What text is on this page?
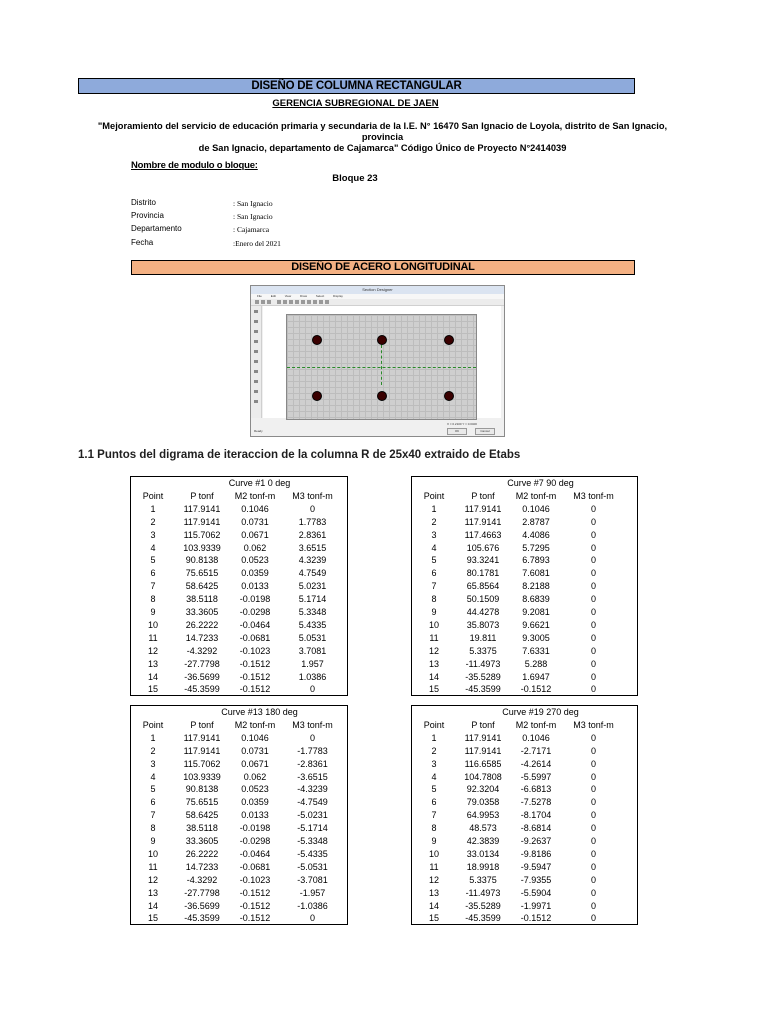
DISEÑO DE COLUMNA RECTANGULAR
GERENCIA SUBREGIONAL DE JAEN
"Mejoramiento del servicio de educación primaria y secundaria de la I.E. N° 16470 San Ignacio de Loyola, distrito de San Ignacio, provincia
de San Ignacio, departamento de Cajamarca" Código Único de Proyecto N°2414039
Nombre de modulo o bloque:
Bloque 23
Distrito	: San Ignacio
Provincia	: San Ignacio
Departamento	: Cajamarca
Fecha	:Enero del 2021
DISEÑO DE ACERO LONGITUDINAL
Section Designer
File	Edit	View	Draw	Select	Display
Ready
X = 0.2100 Y = 0.0400
OK	Cancel
1.1 Puntos del digrama de iteraccion de la columna R de 25x40 extraido de Etabs
	Curve #1 0 deg		
Point	P tonf	M2 tonf-m	M3 tonf-m
1	117.9141	0.1046	0
2	117.9141	0.0731	1.7783
3	115.7062	0.0671	2.8361
4	103.9339	0.062	3.6515
5	90.8138	0.0523	4.3239
6	75.6515	0.0359	4.7549
7	58.6425	0.0133	5.0231
8	38.5118	-0.0198	5.1714
9	33.3605	-0.0298	5.3348
10	26.2222	-0.0464	5.4335
11	14.7233	-0.0681	5.0531
12	-4.3292	-0.1023	3.7081
13	-27.7798	-0.1512	1.957
14	-36.5699	-0.1512	1.0386
15	-45.3599	-0.1512	0
	Curve #7 90 deg		
Point	P tonf	M2 tonf-m	M3 tonf-m
1	117.9141	0.1046	0
2	117.9141	2.8787	0
3	117.4663	4.4086	0
4	105.676	5.7295	0
5	93.3241	6.7893	0
6	80.1781	7.6081	0
7	65.8564	8.2188	0
8	50.1509	8.6839	0
9	44.4278	9.2081	0
10	35.8073	9.6621	0
11	19.811	9.3005	0
12	5.3375	7.6331	0
13	-11.4973	5.288	0
14	-35.5289	1.6947	0
15	-45.3599	-0.1512	0
	Curve #13 180 deg		
Point	P tonf	M2 tonf-m	M3 tonf-m
1	117.9141	0.1046	0
2	117.9141	0.0731	-1.7783
3	115.7062	0.0671	-2.8361
4	103.9339	0.062	-3.6515
5	90.8138	0.0523	-4.3239
6	75.6515	0.0359	-4.7549
7	58.6425	0.0133	-5.0231
8	38.5118	-0.0198	-5.1714
9	33.3605	-0.0298	-5.3348
10	26.2222	-0.0464	-5.4335
11	14.7233	-0.0681	-5.0531
12	-4.3292	-0.1023	-3.7081
13	-27.7798	-0.1512	-1.957
14	-36.5699	-0.1512	-1.0386
15	-45.3599	-0.1512	0
	Curve #19 270 deg		
Point	P tonf	M2 tonf-m	M3 tonf-m
1	117.9141	0.1046	0
2	117.9141	-2.7171	0
3	116.6585	-4.2614	0
4	104.7808	-5.5997	0
5	92.3204	-6.6813	0
6	79.0358	-7.5278	0
7	64.9953	-8.1704	0
8	48.573	-8.6814	0
9	42.3839	-9.2637	0
10	33.0134	-9.8186	0
11	18.9918	-9.5947	0
12	5.3375	-7.9355	0
13	-11.4973	-5.5904	0
14	-35.5289	-1.9971	0
15	-45.3599	-0.1512	0
